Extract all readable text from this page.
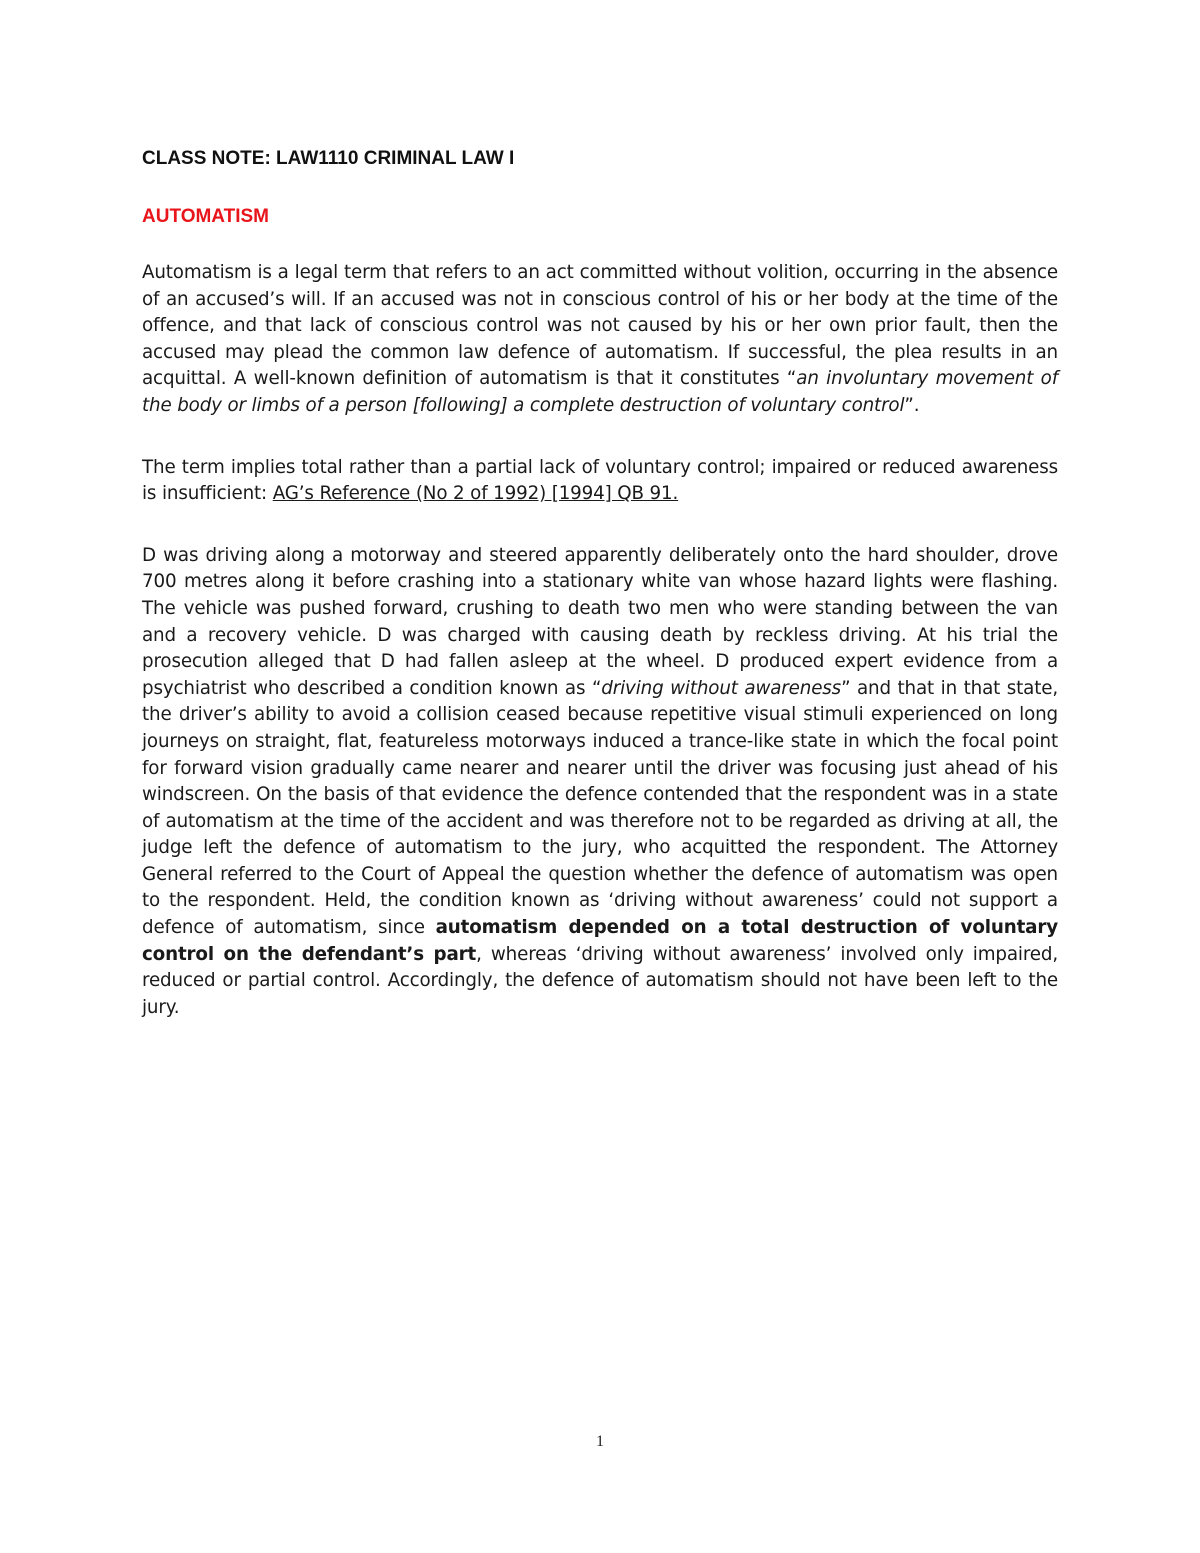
CLASS NOTE: LAW1110 CRIMINAL LAW I
AUTOMATISM

Automatism is a legal term that refers to an act committed without volition, occurring in the absence of an accused’s will. If an accused was not in conscious control of his or her body at the time of the offence, and that lack of conscious control was not caused by his or her own prior fault, then the accused may plead the common law defence of automatism. If successful, the plea results in an acquittal. A well-known definition of automatism is that it constitutes “an involuntary movement of the body or limbs of a person [following] a complete destruction of voluntary control”.

The term implies total rather than a partial lack of voluntary control; impaired or reduced awareness is insufficient: AG’s Reference (No 2 of 1992) [1994] QB 91.

D was driving along a motorway and steered apparently deliberately onto the hard shoulder, drove 700 metres along it before crashing into a stationary white van whose hazard lights were flashing. The vehicle was pushed forward, crushing to death two men who were standing between the van and a recovery vehicle. D was charged with causing death by reckless driving. At his trial the prosecution alleged that D had fallen asleep at the wheel. D produced expert evidence from a psychiatrist who described a condition known as “driving without awareness” and that in that state, the driver’s ability to avoid a collision ceased because repetitive visual stimuli experienced on long journeys on straight, flat, featureless motorways induced a trance-like state in which the focal point for forward vision gradually came nearer and nearer until the driver was focusing just ahead of his windscreen. On the basis of that evidence the defence contended that the respondent was in a state of automatism at the time of the accident and was therefore not to be regarded as driving at all, the judge left the defence of automatism to the jury, who acquitted the respondent. The Attorney General referred to the Court of Appeal the question whether the defence of automatism was open to the respondent. Held, the condition known as ‘driving without awareness’ could not support a defence of automatism, since automatism depended on a total destruction of voluntary control on the defendant’s part, whereas ‘driving without awareness’ involved only impaired, reduced or partial control. Accordingly, the defence of automatism should not have been left to the jury.

1
